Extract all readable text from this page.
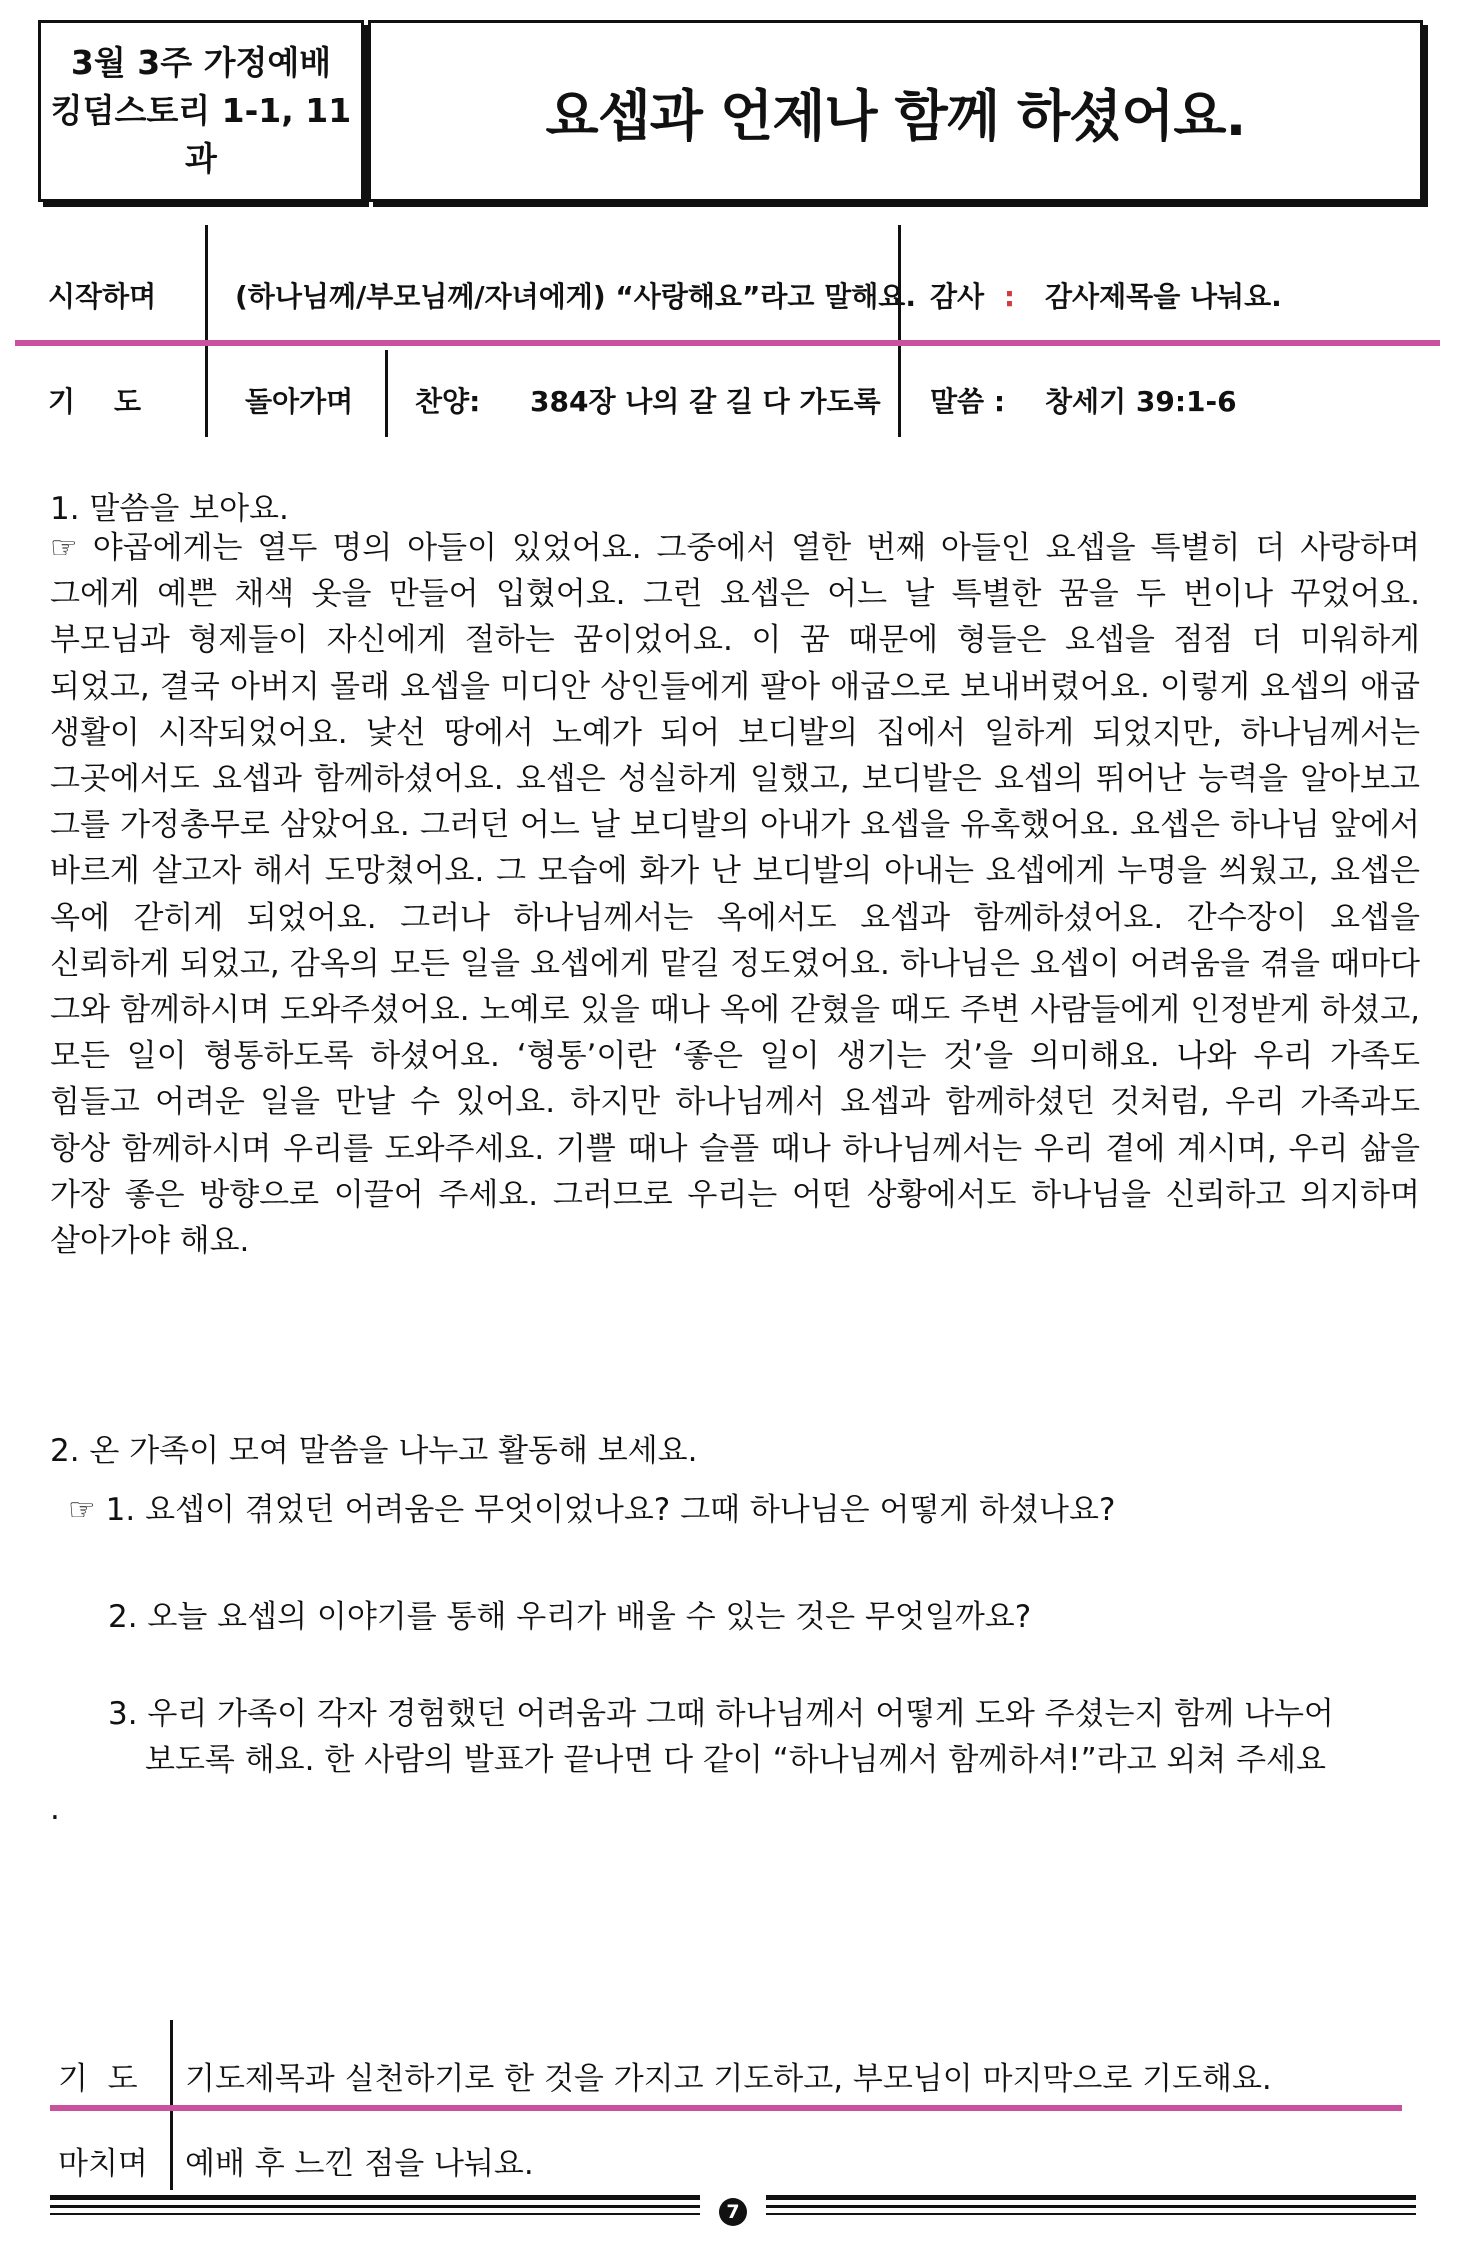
3월 3주 가정예배
킹덤스토리 1-1, 11과
요셉과 언제나 함께 하셨어요.
시작하며	(하나님께/부모님께/자녀에게) “사랑해요”라고 말해요. 감사 : 감사제목을 나눠요.
기    도	돌아가며 찬양: 384장 나의 갈 길 다 가도록 말씀 : 창세기 39:1-6
1. 말씀을 보아요.

☞ 야곱에게는 열두 명의 아들이 있었어요. 그중에서 열한 번째 아들인 요셉을 특별히 더 사랑하며 그에게 예쁜 채색 옷을 만들어 입혔어요. 그런 요셉은 어느 날 특별한 꿈을 두 번이나 꾸었어요. 부모님과 형제들이 자신에게 절하는 꿈이었어요. 이 꿈 때문에 형들은 요셉을 점점 더 미워하게 되었고, 결국 아버지 몰래 요셉을 미디안 상인들에게 팔아 애굽으로 보내버렸어요. 이렇게 요셉의 애굽 생활이 시작되었어요. 낯선 땅에서 노예가 되어 보디발의 집에서 일하게 되었지만, 하나님께서는 그곳에서도 요셉과 함께하셨어요. 요셉은 성실하게 일했고, 보디발은 요셉의 뛰어난 능력을 알아보고 그를 가정총무로 삼았어요. 그러던 어느 날 보디발의 아내가 요셉을 유혹했어요. 요셉은 하나님 앞에서 바르게 살고자 해서 도망쳤어요. 그 모습에 화가 난 보디발의 아내는 요셉에게 누명을 씌웠고, 요셉은 옥에 갇히게 되었어요. 그러나 하나님께서는 옥에서도 요셉과 함께하셨어요. 간수장이 요셉을 신뢰하게 되었고, 감옥의 모든 일을 요셉에게 맡길 정도였어요. 하나님은 요셉이 어려움을 겪을 때마다 그와 함께하시며 도와주셨어요. 노예로 있을 때나 옥에 갇혔을 때도 주변 사람들에게 인정받게 하셨고, 모든 일이 형통하도록 하셨어요. ‘형통’이란 ‘좋은 일이 생기는 것’을 의미해요. 나와 우리 가족도 힘들고 어려운 일을 만날 수 있어요. 하지만 하나님께서 요셉과 함께하셨던 것처럼, 우리 가족과도 항상 함께하시며 우리를 도와주세요. 기쁠 때나 슬플 때나 하나님께서는 우리 곁에 계시며, 우리 삶을 가장 좋은 방향으로 이끌어 주세요. 그러므로 우리는 어떤 상황에서도 하나님을 신뢰하고 의지하며 살아가야 해요.

2. 온 가족이 모여 말씀을 나누고 활동해 보세요.
☞ 1. 요셉이 겪었던 어려움은 무엇이었나요? 그때 하나님은 어떻게 하셨나요?
2. 오늘 요셉의 이야기를 통해 우리가 배울 수 있는 것은 무엇일까요?
3. 우리 가족이 각자 경험했던 어려움과 그때 하나님께서 어떻게 도와 주셨는지 함께 나누어
보도록 해요. 한 사람의 발표가 끝나면 다 같이 “하나님께서 함께하셔!”라고 외쳐 주세요
.
기  도 기도제목과 실천하기로 한 것을 가지고 기도하고, 부모님이 마지막으로 기도해요.
마치며 예배 후 느낀 점을 나눠요.
7
